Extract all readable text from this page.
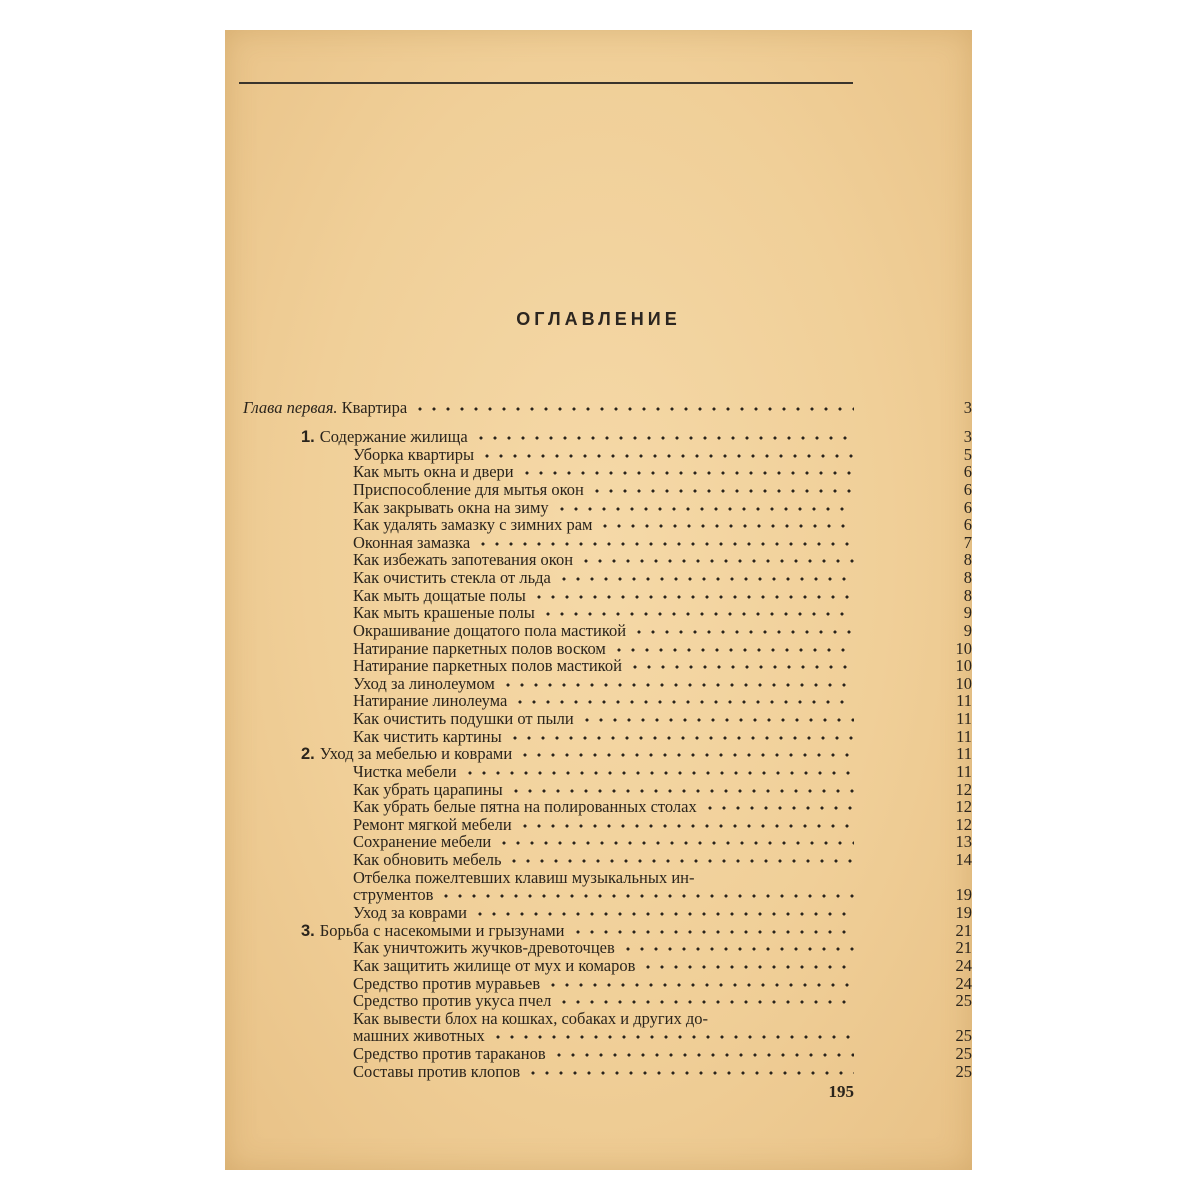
ОГЛАВЛЕНИЕ
Глава первая. Квартира	3
1. Содержание жилища	3
Уборка квартиры	5
Как мыть окна и двери	6
Приспособление для мытья окон	6
Как закрывать окна на зиму	6
Как удалять замазку с зимних рам	6
Оконная замазка	7
Как избежать запотевания окон	8
Как очистить стекла от льда	8
Как мыть дощатые полы	8
Как мыть крашеные полы	9
Окрашивание дощатого пола мастикой	9
Натирание паркетных полов воском	10
Натирание паркетных полов мастикой	10
Уход за линолеумом	10
Натирание линолеума	11
Как очистить подушки от пыли	11
Как чистить картины	11
2. Уход за мебелью и коврами	11
Чистка мебели	11
Как убрать царапины	12
Как убрать белые пятна на полированных столах	12
Ремонт мягкой мебели	12
Сохранение мебели	13
Как обновить мебель	14
Отбелка пожелтевших клавиш музыкальных ин-
струментов	19
Уход за коврами	19
3. Борьба с насекомыми и грызунами	21
Как уничтожить жучков-древоточцев	21
Как защитить жилище от мух и комаров	24
Средство против муравьев	24
Средство против укуса пчел	25
Как вывести блох на кошках, собаках и других до-
машних животных	25
Средство против тараканов	25
Составы против клопов	25
195
